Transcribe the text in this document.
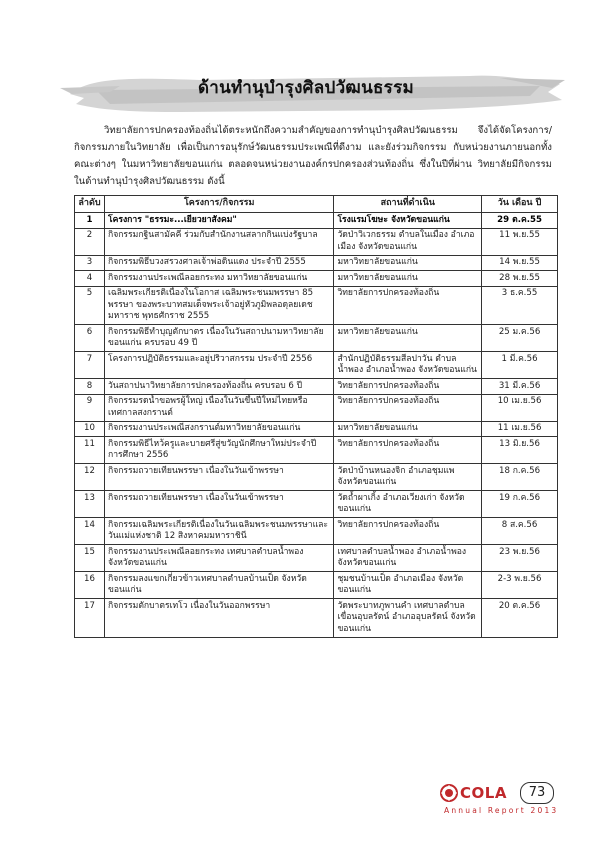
ด้านทำนุบำรุงศิลปวัฒนธรรม
วิทยาลัยการปกครองท้องถิ่นได้ตระหนักถึงความสำคัญของการทำนุบำรุงศิลปวัฒนธรรม จึงได้จัดโครงการ/กิจกรรมภายในวิทยาลัย เพื่อเป็นการอนุรักษ์วัฒนธรรมประเพณีที่ดีงาม และยังร่วมกิจกรรม กับหน่วยงานภายนอกทั้งคณะต่างๆ ในมหาวิทยาลัยขอนแก่น ตลอดจนหน่วยงานองค์กรปกครองส่วนท้องถิ่น ซึ่งในปีที่ผ่าน วิทยาลัยมีกิจกรรมในด้านทำนุบำรุงศิลปวัฒนธรรม ดังนี้
ลำดับ	โครงการ/กิจกรรม	สถานที่ดำเนิน	วัน เดือน ปี
1	โครงการ "ธรรมะ...เยียวยาสังคม"	โรงแรมโฆษะ จังหวัดขอนแก่น	29 ต.ค.55
2	กิจกรรมกฐินสามัคคี ร่วมกับสำนักงานสลากกินแบ่งรัฐบาล	วัดป่าวิเวกธรรม ตำบลในเมือง อำเภอเมือง จังหวัดขอนแก่น	11 พ.ย.55
3	กิจกรรมพิธีบวงสรวงศาลเจ้าพ่อดินแดง ประจำปี 2555	มหาวิทยาลัยขอนแก่น	14 พ.ย.55
4	กิจกรรมงานประเพณีลอยกระทง มหาวิทยาลัยขอนแก่น	มหาวิทยาลัยขอนแก่น	28 พ.ย.55
5	เฉลิมพระเกียรติเนื่องในโอกาส เฉลิมพระชนมพรรษา 85 พรรษา ของพระบาทสมเด็จพระเจ้าอยู่หัวภูมิพลอดุลยเดช มหาราช พุทธศักราช 2555	วิทยาลัยการปกครองท้องถิ่น	3 ธ.ค.55
6	กิจกรรมพิธีทำบุญตักบาตร เนื่องในวันสถาปนามหาวิทยาลัยขอนแก่น ครบรอบ 49 ปี	มหาวิทยาลัยขอนแก่น	25 ม.ค.56
7	โครงการปฏิบัติธรรมและอยู่ปริวาสกรรม ประจำปี 2556	สำนักปฏิบัติธรรมสีลปาวัน ตำบลน้ำพอง อำเภอน้ำพอง จังหวัดขอนแก่น	1 มี.ค.56
8	วันสถาปนาวิทยาลัยการปกครองท้องถิ่น ครบรอบ 6 ปี	วิทยาลัยการปกครองท้องถิ่น	31 มี.ค.56
9	กิจกรรมรดน้ำขอพรผู้ใหญ่ เนื่องในวันขึ้นปีใหม่ไทยหรือเทศกาลสงกรานต์	วิทยาลัยการปกครองท้องถิ่น	10 เม.ย.56
10	กิจกรรมงานประเพณีสงกรานต์มหาวิทยาลัยขอนแก่น	มหาวิทยาลัยขอนแก่น	11 เม.ย.56
11	กิจกรรมพิธีไหว้ครูและบายศรีสู่ขวัญนักศึกษาใหม่ประจำปีการศึกษา 2556	วิทยาลัยการปกครองท้องถิ่น	13 มิ.ย.56
12	กิจกรรมถวายเทียนพรรษา เนื่องในวันเข้าพรรษา	วัดป่าบ้านหนองจิก อำเภอชุมแพ จังหวัดขอนแก่น	18 ก.ค.56
13	กิจกรรมถวายเทียนพรรษา เนื่องในวันเข้าพรรษา	วัดถ้ำผาเกิ้ง อำเภอเวียงเก่า จังหวัดขอนแก่น	19 ก.ค.56
14	กิจกรรมเฉลิมพระเกียรติเนื่องในวันเฉลิมพระชนมพรรษาและวันแม่แห่งชาติ 12 สิงหาคมมหาราชินี	วิทยาลัยการปกครองท้องถิ่น	8 ส.ค.56
15	กิจกรรมงานประเพณีลอยกระทง เทศบาลตำบลน้ำพอง จังหวัดขอนแก่น	เทศบาลตำบลน้ำพอง อำเภอน้ำพอง จังหวัดขอนแก่น	23 พ.ย.56
16	กิจกรรมลงแขกเกี่ยวข้าวเทศบาลตำบลบ้านเป็ด จังหวัดขอนแก่น	ชุมชนบ้านเป็ด อำเภอเมือง จังหวัดขอนแก่น	2-3 พ.ย.56
17	กิจกรรมตักบาตรเทโว เนื่องในวันออกพรรษา	วัดพระบาทภูพานคำ เทศบาลตำบลเขื่อนอุบลรัตน์ อำเภออุบลรัตน์ จังหวัดขอนแก่น	20 ต.ค.56
COLA	73
Annual Report 2013
